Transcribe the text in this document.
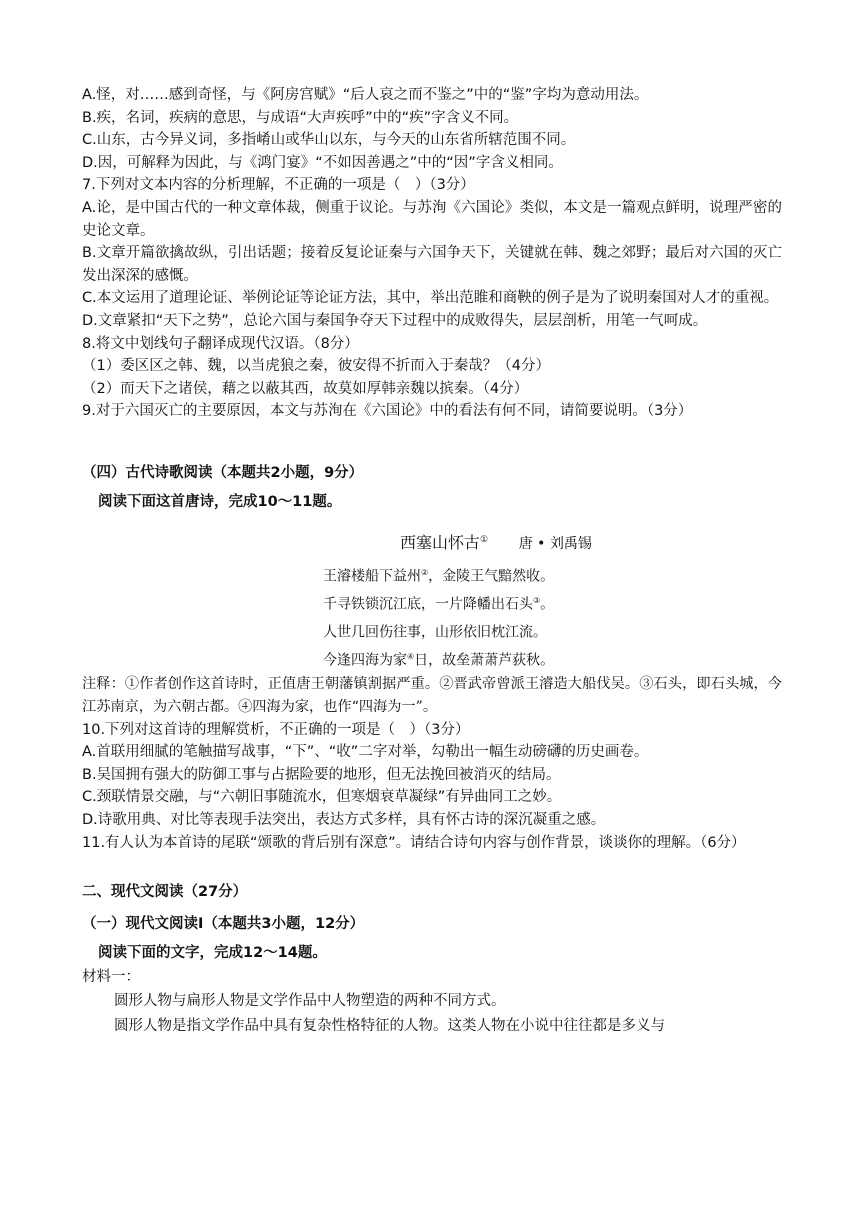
A.怪，对……感到奇怪，与《阿房宫赋》“后人哀之而不鉴之”中的“鉴”字均为意动用法。
B.疾，名词，疾病的意思，与成语“大声疾呼”中的“疾”字含义不同。
C.山东，古今异义词，多指崤山或华山以东，与今天的山东省所辖范围不同。
D.因，可解释为因此，与《鸿门宴》“不如因善遇之”中的“因”字含义相同。
7.下列对文本内容的分析理解，不正确的一项是（　）（3分）
A.论，是中国古代的一种文章体裁，侧重于议论。与苏洵《六国论》类似，本文是一篇观点鲜明，说理严密的史论文章。
B.文章开篇欲擒故纵，引出话题；接着反复论证秦与六国争天下，关键就在韩、魏之郊野；最后对六国的灭亡发出深深的感慨。
C.本文运用了道理论证、举例论证等论证方法，其中，举出范睢和商鞅的例子是为了说明秦国对人才的重视。
D.文章紧扣“天下之势”，总论六国与秦国争夺天下过程中的成败得失，层层剖析，用笔一气呵成。
8.将文中划线句子翻译成现代汉语。（8分）
（1）委区区之韩、魏，以当虎狼之秦，彼安得不折而入于秦哉？（4分）
（2）而天下之诸侯，藉之以蔽其西，故莫如厚韩亲魏以摈秦。（4分）
9.对于六国灭亡的主要原因，本文与苏洵在《六国论》中的看法有何不同，请简要说明。（3分）
（四）古代诗歌阅读（本题共2小题，9分）
阅读下面这首唐诗，完成10～11题。
西塞山怀古① 唐 • 刘禹锡
王濬楼船下益州②，金陵王气黯然收。
千寻铁锁沉江底，一片降幡出石头③。
人世几回伤往事，山形依旧枕江流。
今逢四海为家④日，故垒萧萧芦荻秋。
注释：①作者创作这首诗时，正值唐王朝藩镇割据严重。②晋武帝曾派王濬造大船伐吴。③石头，即石头城，今江苏南京，为六朝古都。④四海为家，也作“四海为一”。
10.下列对这首诗的理解赏析，不正确的一项是（　）（3分）
A.首联用细腻的笔触描写战事，“下”、“收”二字对举，勾勒出一幅生动磅礴的历史画卷。
B.吴国拥有强大的防御工事与占据险要的地形，但无法挽回被消灭的结局。
C.颈联情景交融，与“六朝旧事随流水，但寒烟衰草凝绿”有异曲同工之妙。
D.诗歌用典、对比等表现手法突出，表达方式多样，具有怀古诗的深沉凝重之感。
11.有人认为本首诗的尾联“颂歌的背后别有深意”。请结合诗句内容与创作背景，谈谈你的理解。（6分）
二、现代文阅读（27分）
（一）现代文阅读Ⅰ（本题共3小题，12分）
阅读下面的文字，完成12～14题。
材料一：
圆形人物与扁形人物是文学作品中人物塑造的两种不同方式。
圆形人物是指文学作品中具有复杂性格特征的人物。这类人物在小说中往往都是多义与
